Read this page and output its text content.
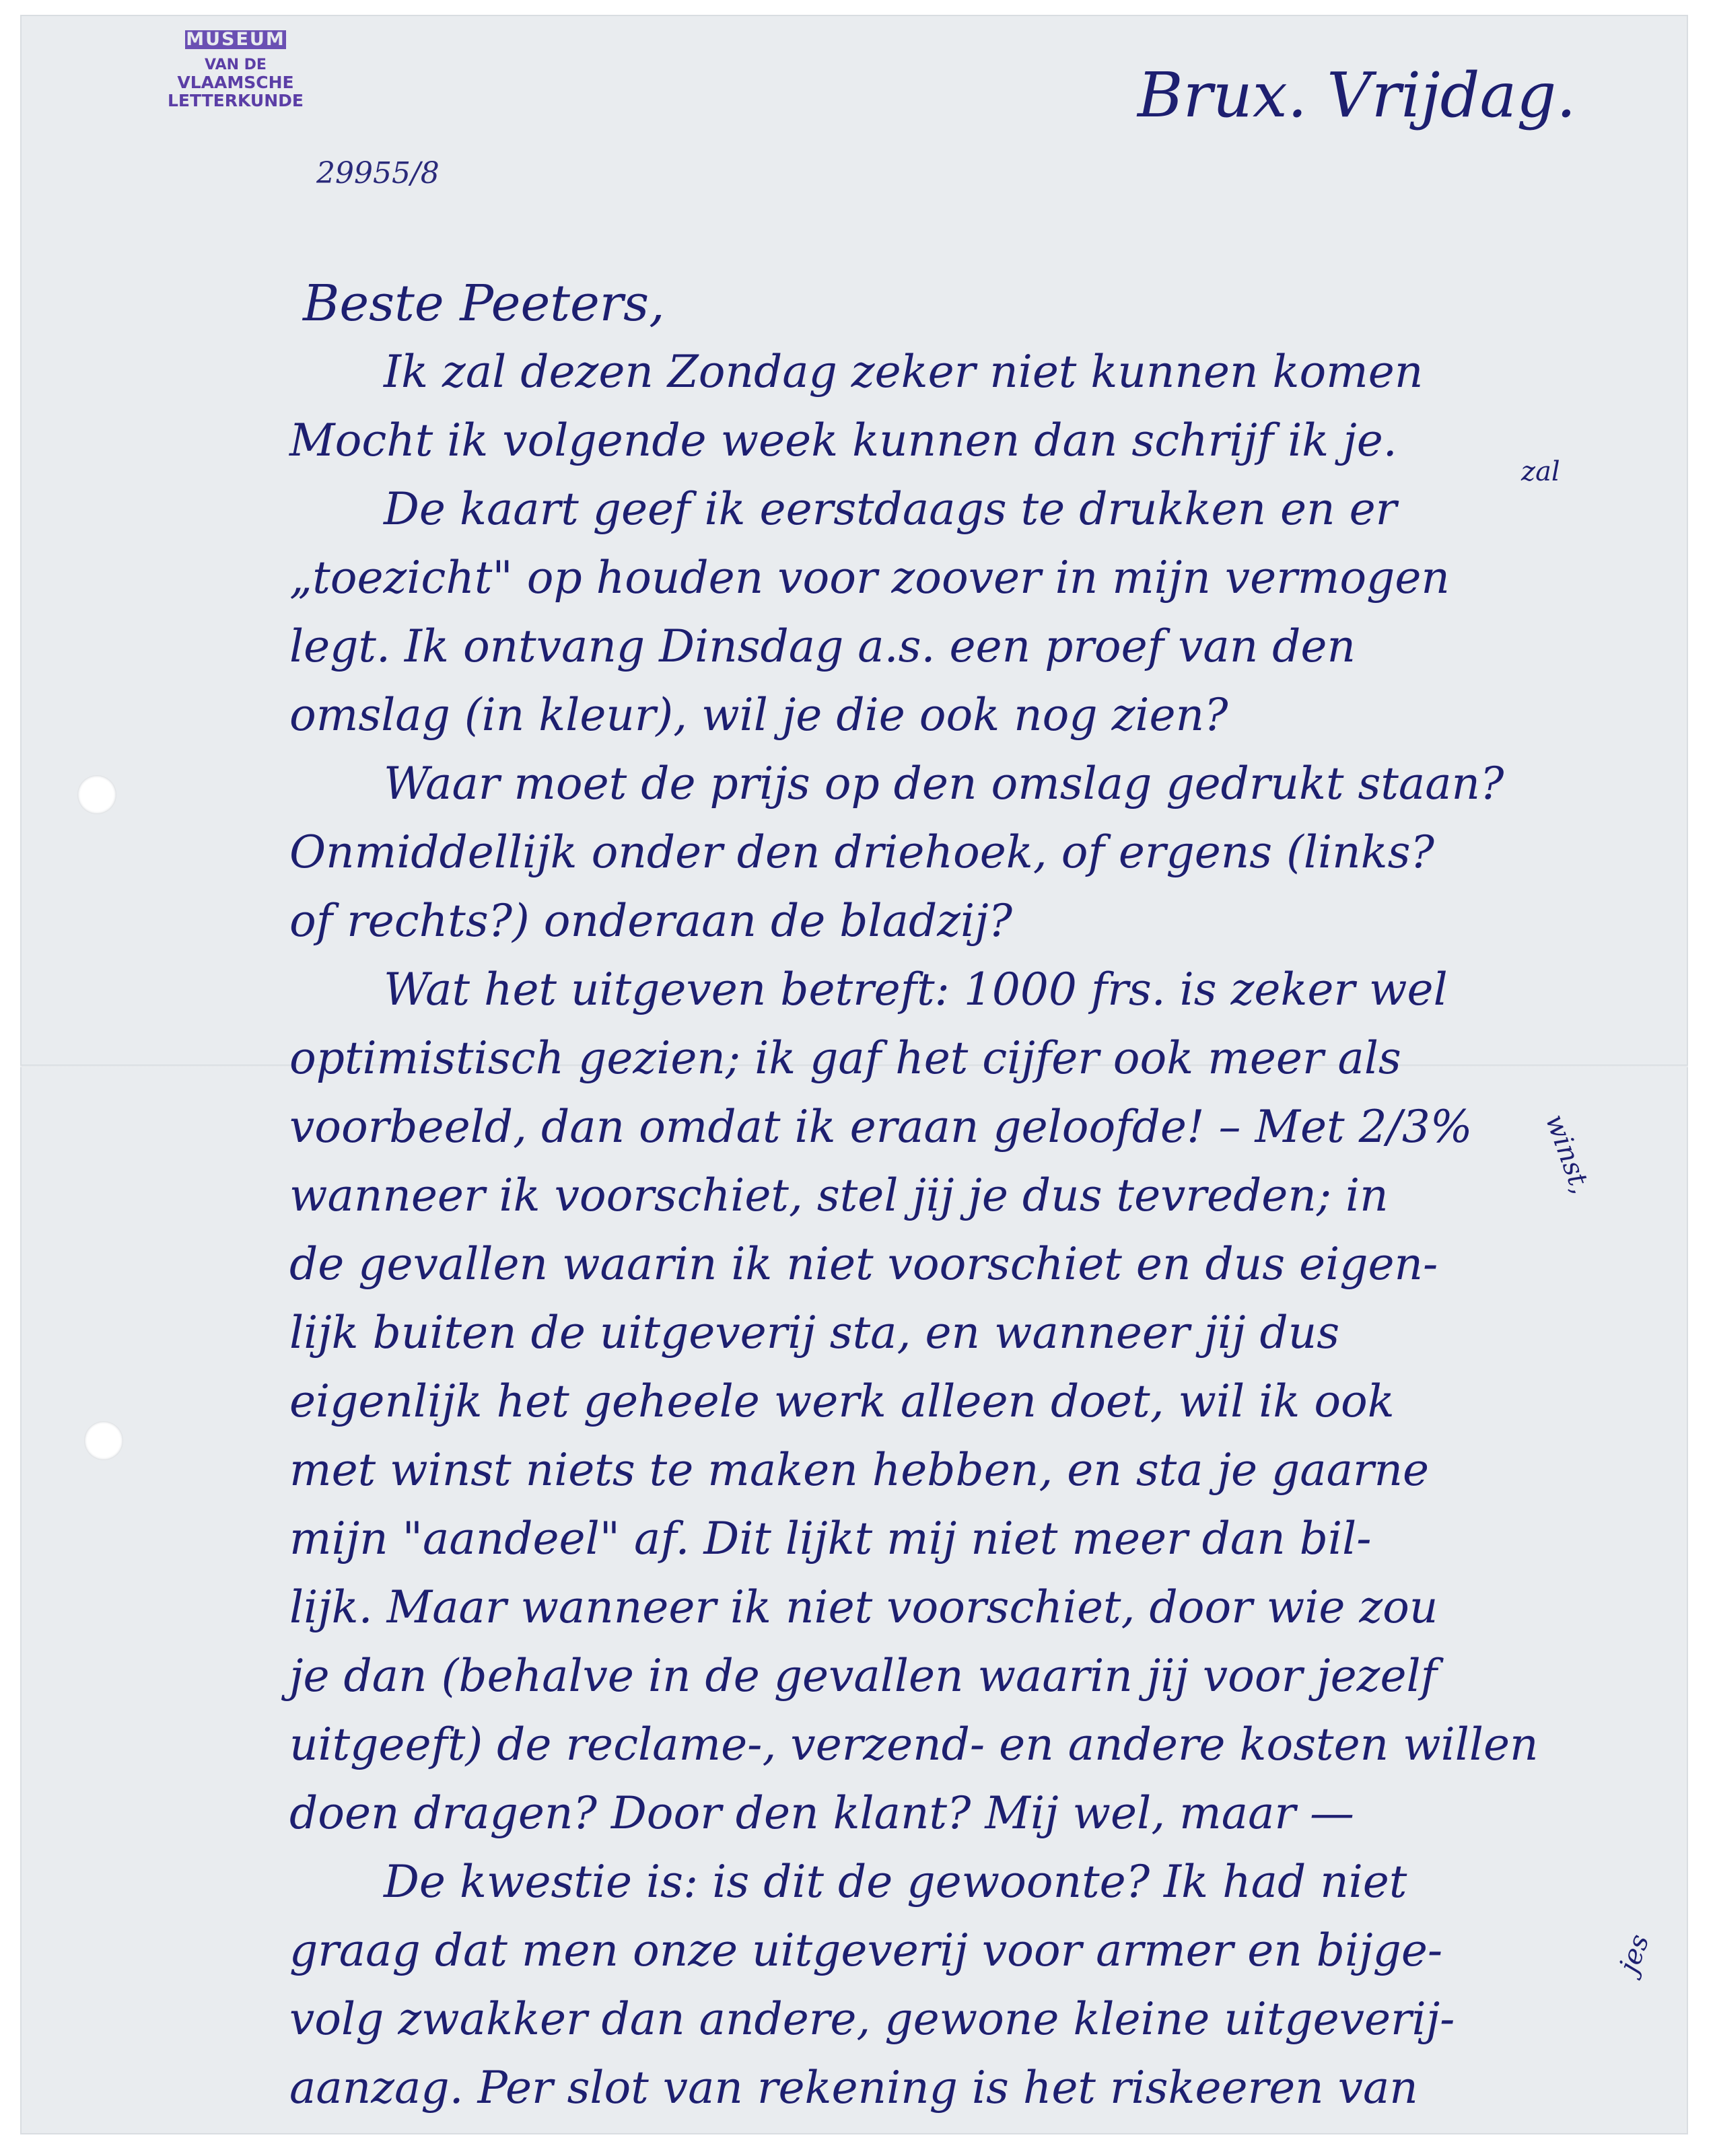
MUSEUM
VAN DE
VLAAMSCHE
LETTERKUNDE
29955/8
Brux. Vrijdag.
Beste Peeters,
Ik zal dezen Zondag zeker niet kunnen komen
Mocht ik volgende week kunnen dan schrijf ik je.
De kaart geef ik eerstdaags te drukken en er
„toezicht" op houden voor zoover in mijn vermogen
legt. Ik ontvang Dinsdag a.s. een proef van den
omslag (in kleur), wil je die ook nog zien?
Waar moet de prijs op den omslag gedrukt staan?
Onmiddellijk onder den driehoek, of ergens (links?
of rechts?) onderaan de bladzij?
Wat het uitgeven betreft: 1000 frs. is zeker wel
optimistisch gezien; ik gaf het cijfer ook meer als
voorbeeld, dan omdat ik eraan geloofde! – Met 2/3%
wanneer ik voorschiet, stel jij je dus tevreden; in
de gevallen waarin ik niet voorschiet en dus eigen-
lijk buiten de uitgeverij sta, en wanneer jij dus
eigenlijk het geheele werk alleen doet, wil ik ook
met winst niets te maken hebben, en sta je gaarne
mijn "aandeel" af. Dit lijkt mij niet meer dan bil-
lijk. Maar wanneer ik niet voorschiet, door wie zou
je dan (behalve in de gevallen waarin jij voor jezelf
uitgeeft) de reclame-, verzend- en andere kosten willen
doen dragen? Door den klant? Mij wel, maar —
De kwestie is: is dit de gewoonte? Ik had niet
graag dat men onze uitgeverij voor armer en bijge-
volg zwakker dan andere, gewone kleine uitgeverij-
aanzag. Per slot van rekening is het riskeeren van
zal
winst,
jes
